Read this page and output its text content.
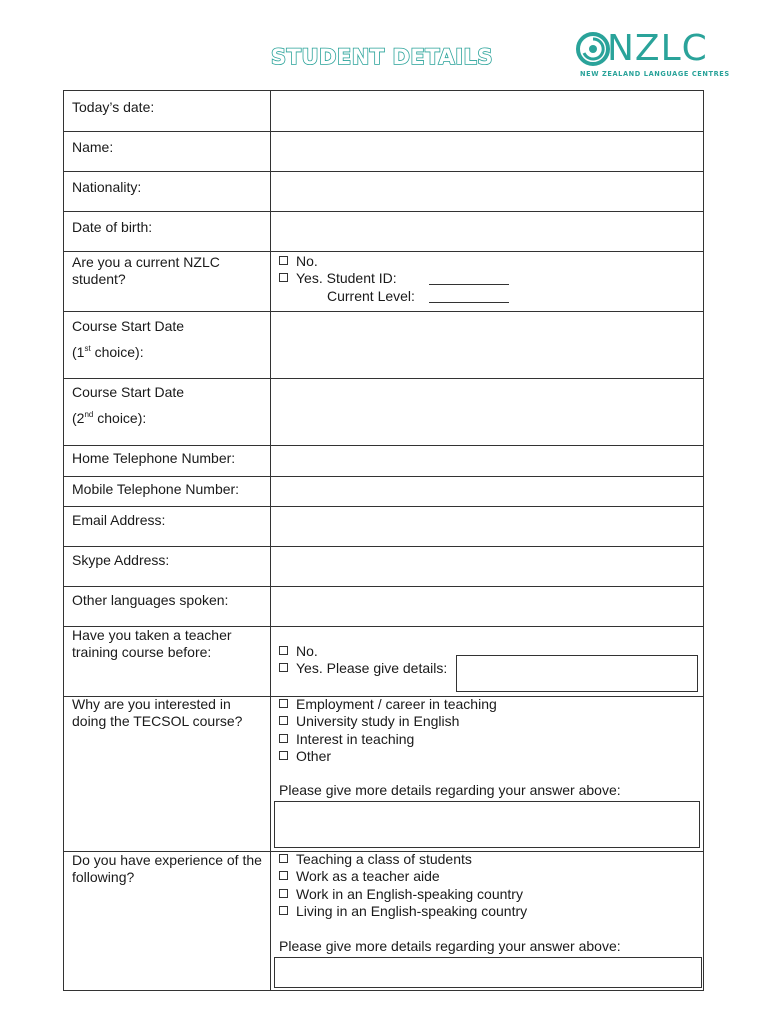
STUDENT DETAILS	NZLC
NEW ZEALAND LANGUAGE CENTRES
Today’s date:
Name:
Nationality:
Date of birth:
Are you a current NZLC student?
Course Start Date
(1st choice):
Course Start Date
(2nd choice):
Home Telephone Number:
Mobile Telephone Number:
Email Address:
Skype Address:
Other languages spoken:
Have you taken a teacher training course before:
Why are you interested in doing the TECSOL course?
Do you have experience of the following?
No.
Yes. Student ID:
Current Level:
No.
Yes. Please give details:
Employment / career in teaching
University study in English
Interest in teaching
Other
Please give more details regarding your answer above:
Teaching a class of students
Work as a teacher aide
Work in an English-speaking country
Living in an English-speaking country
Please give more details regarding your answer above:
